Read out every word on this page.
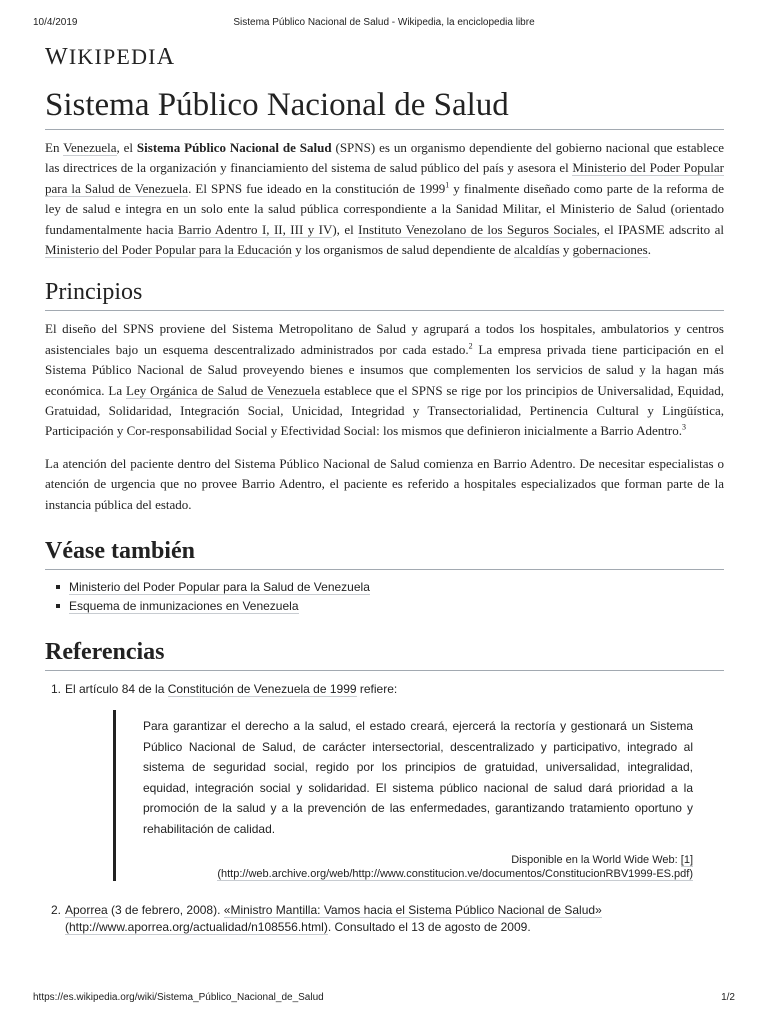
10/4/2019	Sistema Público Nacional de Salud - Wikipedia, la enciclopedia libre
WIKIPEDIA
Sistema Público Nacional de Salud

En Venezuela, el Sistema Público Nacional de Salud (SPNS) es un organismo dependiente del gobierno nacional que establece las directrices de la organización y financiamiento del sistema de salud público del país y asesora el Ministerio del Poder Popular para la Salud de Venezuela. El SPNS fue ideado en la constitución de 1999$^1$ y finalmente diseñado como parte de la reforma de ley de salud e integra en un solo ente la salud pública correspondiente a la Sanidad Militar, el Ministerio de Salud (orientado fundamentalmente hacia Barrio Adentro I, II, III y IV), el Instituto Venezolano de los Seguros Sociales, el IPASME adscrito al Ministerio del Poder Popular para la Educación y los organismos de salud dependiente de alcaldías y gobernaciones.

Principios

El diseño del SPNS proviene del Sistema Metropolitano de Salud y agrupará a todos los hospitales, ambulatorios y centros asistenciales bajo un esquema descentralizado administrados por cada estado.$^2$ La empresa privada tiene participación en el Sistema Público Nacional de Salud proveyendo bienes e insumos que complementen los servicios de salud y la hagan más económica. La Ley Orgánica de Salud de Venezuela establece que el SPNS se rige por los principios de Universalidad, Equidad, Gratuidad, Solidaridad, Integración Social, Unicidad, Integridad y Transectorialidad, Pertinencia Cultural y Lingüística, Participación y Cor-responsabilidad Social y Efectividad Social: los mismos que definieron inicialmente a Barrio Adentro.$^3$

La atención del paciente dentro del Sistema Público Nacional de Salud comienza en Barrio Adentro. De necesitar especialistas o atención de urgencia que no provee Barrio Adentro, el paciente es referido a hospitales especializados que forman parte de la instancia pública del estado.

Véase también
Ministerio del Poder Popular para la Salud de Venezuela
Esquema de inmunizaciones en Venezuela
Referencias
1. El artículo 84 de la Constitución de Venezuela de 1999 refiere:

Para garantizar el derecho a la salud, el estado creará, ejercerá la rectoría y gestionará un Sistema Público Nacional de Salud, de carácter intersectorial, descentralizado y participativo, integrado al sistema de seguridad social, regido por los principios de gratuidad, universalidad, integralidad, equidad, integración social y solidaridad. El sistema público nacional de salud dará prioridad a la promoción de la salud y a la prevención de las enfermedades, garantizando tratamiento oportuno y rehabilitación de calidad.

Disponible en la World Wide Web: [1] (http://web.archive.org/web/http://www.constitucion.ve/documentos/ConstitucionRBV1999-ES.pdf)
2. Aporrea (3 de febrero, 2008). «Ministro Mantilla: Vamos hacia el Sistema Público Nacional de Salud» (http://www.aporrea.org/actualidad/n108556.html). Consultado el 13 de agosto de 2009.
https://es.wikipedia.org/wiki/Sistema_Público_Nacional_de_Salud	1/2
